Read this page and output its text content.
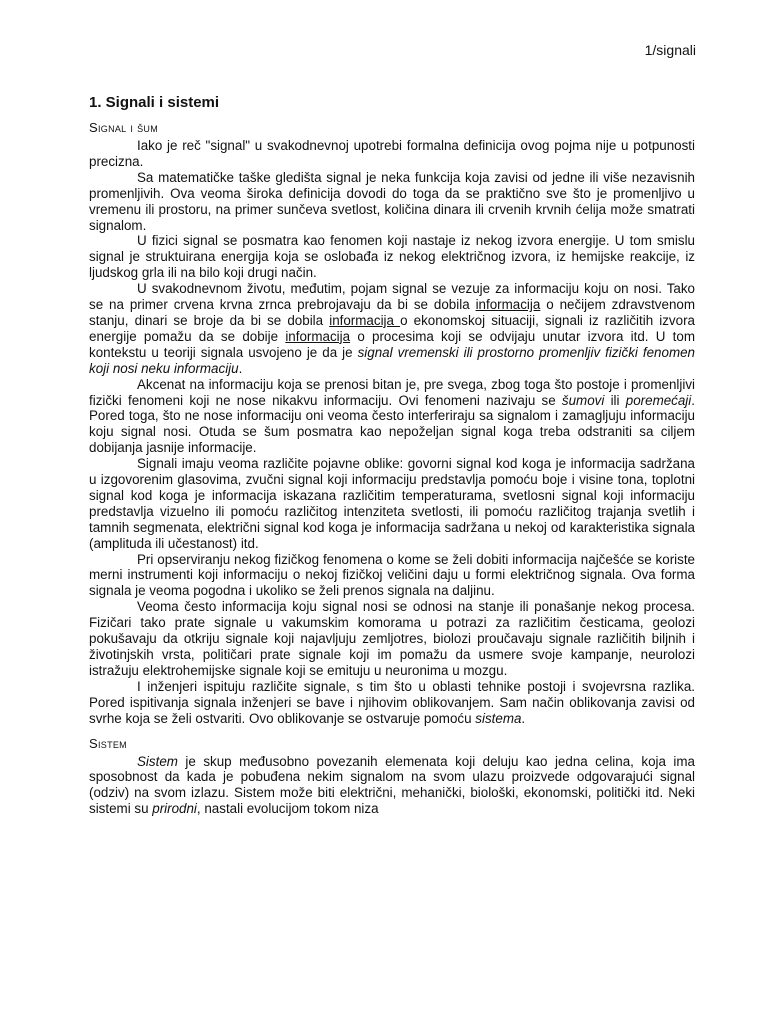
1/signali
1. Signali i sistemi
Signal i šum

Iako je reč "signal" u svakodnevnoj upotrebi formalna definicija ovog pojma nije u potpunosti precizna.

Sa matematičke taške gledišta signal je neka funkcija koja zavisi od jedne ili više nezavisnih promenljivih. Ova veoma široka definicija dovodi do toga da se praktično sve što je promenljivo u vremenu ili prostoru, na primer sunčeva svetlost, količina dinara ili crvenih krvnih ćelija može smatrati signalom.

U fizici signal se posmatra kao fenomen koji nastaje iz nekog izvora energije. U tom smislu signal je struktuirana energija koja se oslobađa iz nekog električnog izvora, iz hemijske reakcije, iz ljudskog grla ili na bilo koji drugi način.

U svakodnevnom životu, međutim, pojam signal se vezuje za informaciju koju on nosi. Tako se na primer crvena krvna zrnca prebrojavaju da bi se dobila informacija o nečijem zdravstvenom stanju, dinari se broje da bi se dobila informacija o ekonomskoj situaciji, signali iz različitih izvora energije pomažu da se dobije informacija o procesima koji se odvijaju unutar izvora itd. U tom kontekstu u teoriji signala usvojeno je da je signal vremenski ili prostorno promenljiv fizički fenomen koji nosi neku informaciju.

Akcenat na informaciju koja se prenosi bitan je, pre svega, zbog toga što postoje i promenljivi fizički fenomeni koji ne nose nikakvu informaciju. Ovi fenomeni nazivaju se šumovi ili poremećaji. Pored toga, što ne nose informaciju oni veoma često interferiraju sa signalom i zamagljuju informaciju koju signal nosi. Otuda se šum posmatra kao nepoželjan signal koga treba odstraniti sa ciljem dobijanja jasnije informacije.

Signali imaju veoma različite pojavne oblike: govorni signal kod koga je informacija sadržana u izgovorenim glasovima, zvučni signal koji informaciju predstavlja pomoću boje i visine tona, toplotni signal kod koga je informacija iskazana različitim temperaturama, svetlosni signal koji informaciju predstavlja vizuelno ili pomoću različitog intenziteta svetlosti, ili pomoću različitog trajanja svetlih i tamnih segmenata, električni signal kod koga je informacija sadržana u nekoj od karakteristika signala (amplituda ili učestanost) itd.

Pri opserviranju nekog fizičkog fenomena o kome se želi dobiti informacija najčešće se koriste merni instrumenti koji informaciju o nekoj fizičkoj veličini daju u formi električnog signala. Ova forma signala je veoma pogodna i ukoliko se želi prenos signala na daljinu.

Veoma često informacija koju signal nosi se odnosi na stanje ili ponašanje nekog procesa. Fizičari tako prate signale u vakumskim komorama u potrazi za različitim česticama, geolozi pokušavaju da otkriju signale koji najavljuju zemljotres, biolozi proučavaju signale različitih biljnih i životinjskih vrsta, političari prate signale koji im pomažu da usmere svoje kampanje, neurolozi istražuju elektrohemijske signale koji se emituju u neuronima u mozgu.

I inženjeri ispituju različite signale, s tim što u oblasti tehnike postoji i svojevrsna razlika. Pored ispitivanja signala inženjeri se bave i njihovim oblikovanjem. Sam način oblikovanja zavisi od svrhe koja se želi ostvariti. Ovo oblikovanje se ostvaruje pomoću sistema.

Sistem

Sistem je skup međusobno povezanih elemenata koji deluju kao jedna celina, koja ima sposobnost da kada je pobuđena nekim signalom na svom ulazu proizvede odgovarajući signal (odziv) na svom izlazu. Sistem može biti električni, mehanički, biološki, ekonomski, politički itd. Neki sistemi su prirodni, nastali evolucijom tokom niza
